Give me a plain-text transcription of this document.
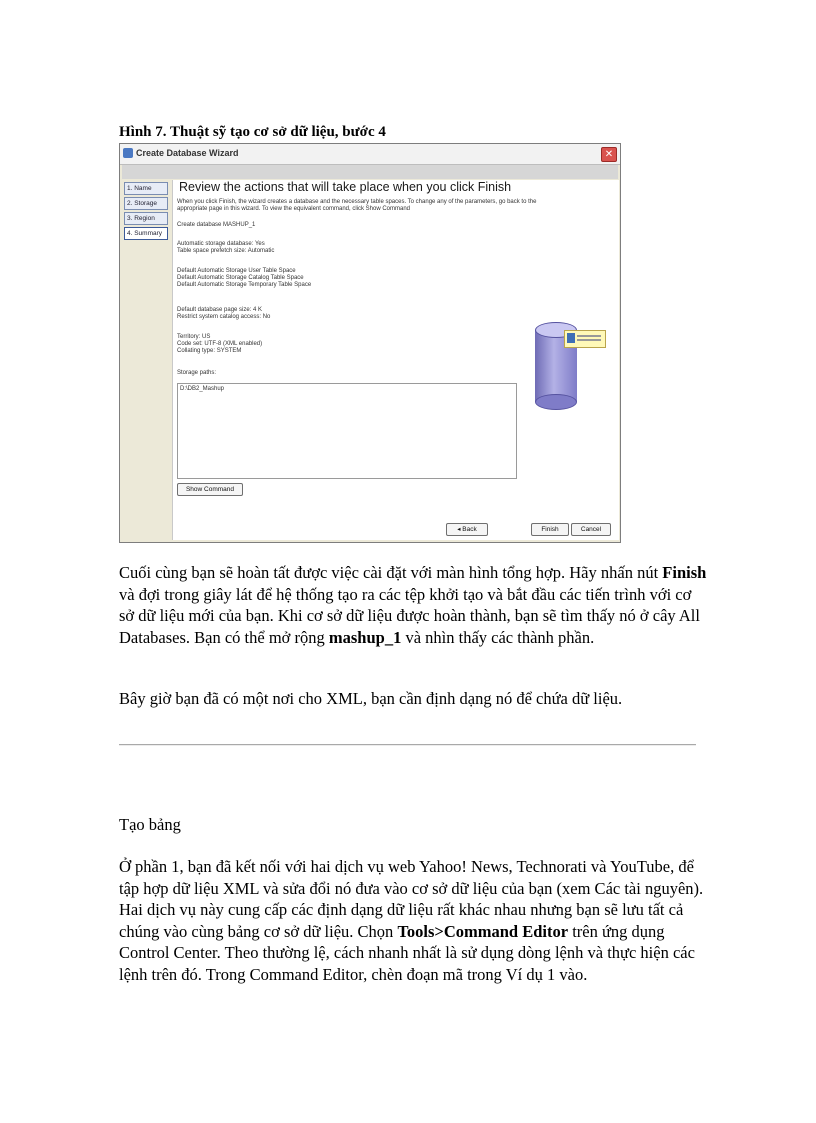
Hình 7. Thuật sỹ tạo cơ sở dữ liệu, bước 4
Create Database Wizard	✕
1. Name
2. Storage
3. Region
4. Summary
Review the actions that will take place when you click Finish
When you click Finish, the wizard creates a database and the necessary table spaces. To change any of the parameters, go back to the
appropriate page in this wizard. To view the equivalent command, click Show Command
Create database MASHUP_1
Automatic storage database: Yes
Table space prefetch size: Automatic
Default Automatic Storage User Table Space
Default Automatic Storage Catalog Table Space
Default Automatic Storage Temporary Table Space
Default database page size: 4 K
Restrict system catalog access: No
Territory: US
Code set: UTF-8 (XML enabled)
Collating type: SYSTEM
Storage paths:
D:\DB2_Mashup
Show Command
◂ Back	Finish	Cancel

Cuối cùng bạn sẽ hoàn tất được việc cài đặt với màn hình tổng hợp. Hãy nhấn nút Finish và đợi trong giây lát để hệ thống tạo ra các tệp khởi tạo và bắt đầu các tiến trình với cơ sở dữ liệu mới của bạn. Khi cơ sở dữ liệu được hoàn thành, bạn sẽ tìm thấy nó ở cây All Databases. Bạn có thể mở rộng mashup_1 và nhìn thấy các thành phần.

Bây giờ bạn đã có một nơi cho XML, bạn cần định dạng nó để chứa dữ liệu.

Tạo bảng

Ở phần 1, bạn đã kết nối với hai dịch vụ web Yahoo! News, Technorati và YouTube, để tập hợp dữ liệu XML và sửa đổi nó đưa vào cơ sở dữ liệu của bạn (xem Các tài nguyên). Hai dịch vụ này cung cấp các định dạng dữ liệu rất khác nhau nhưng bạn sẽ lưu tất cả chúng vào cùng bảng cơ sở dữ liệu. Chọn Tools>Command Editor trên ứng dụng Control Center. Theo thường lệ, cách nhanh nhất là sử dụng dòng lệnh và thực hiện các lệnh trên đó. Trong Command Editor, chèn đoạn mã trong Ví dụ 1 vào.
